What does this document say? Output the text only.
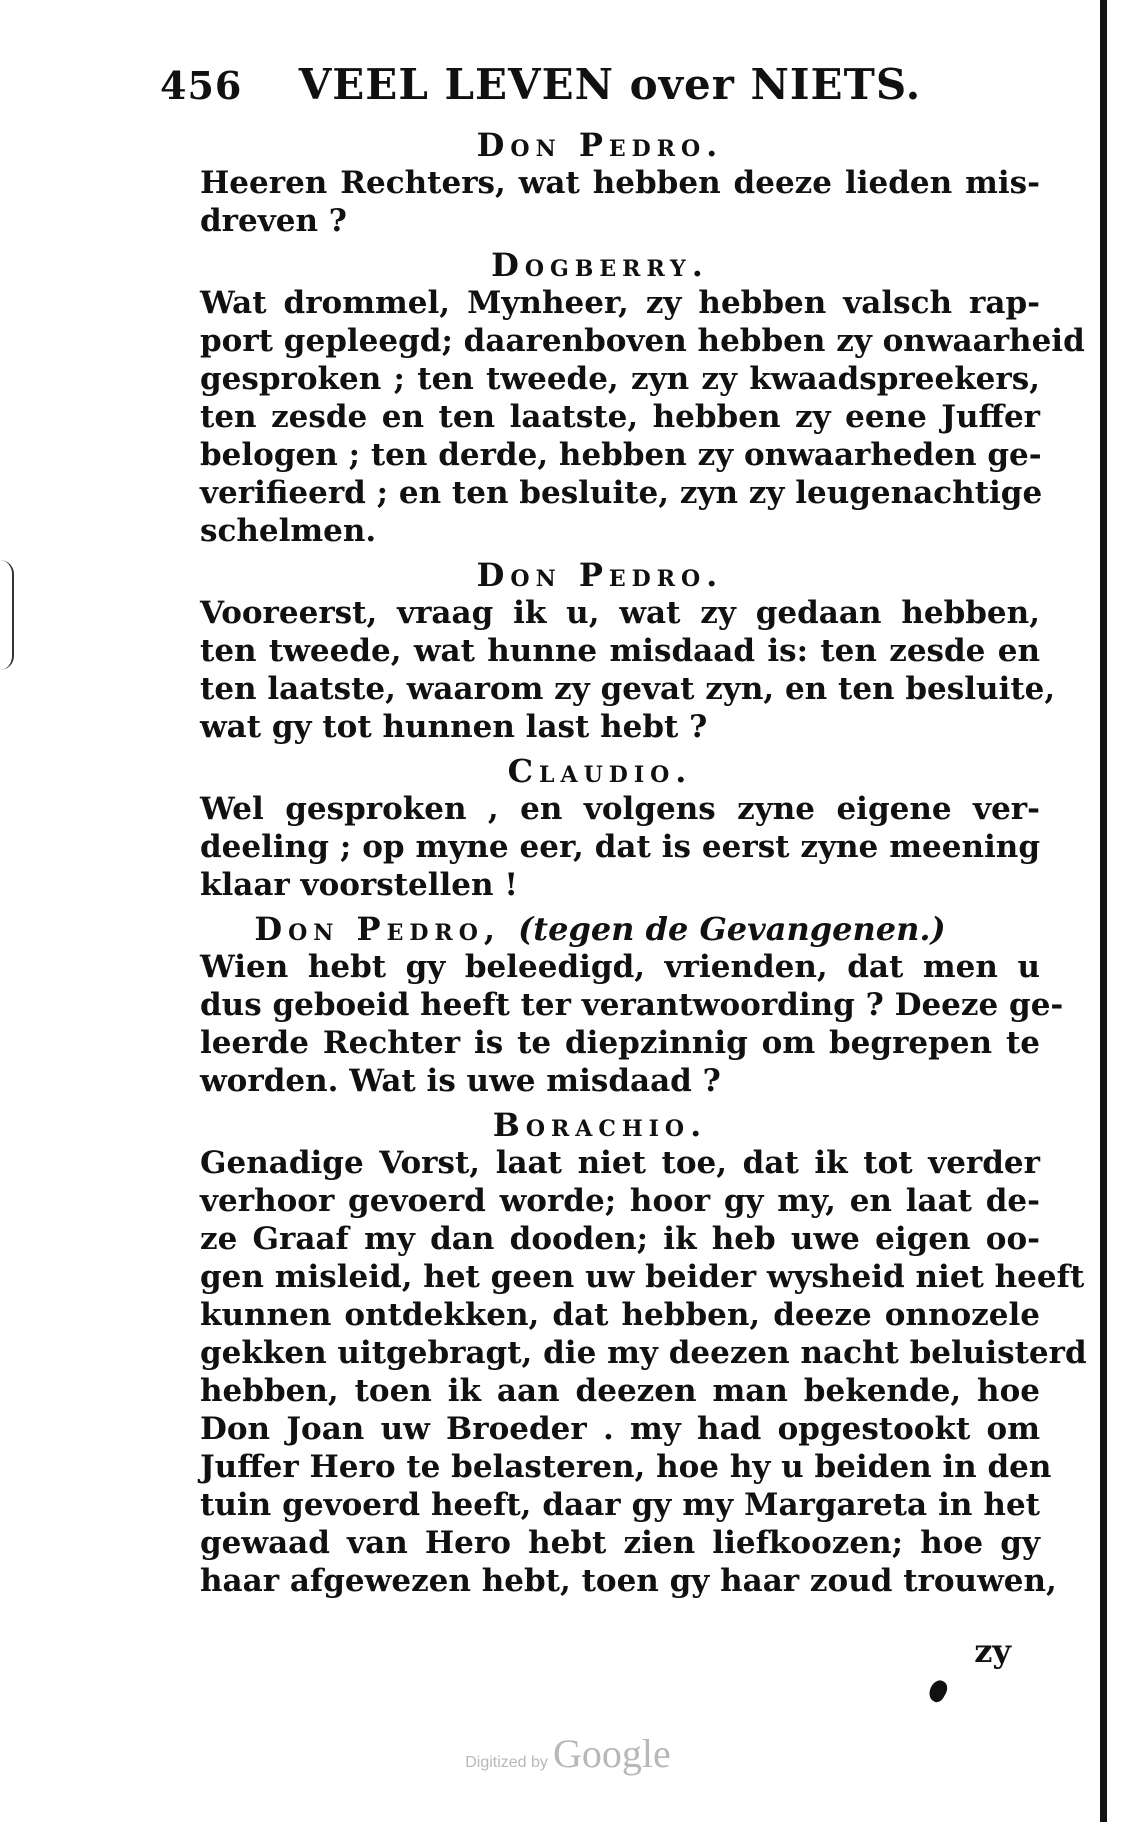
456	VEEL LEVEN over NIETS.
Don Pedro.

Heeren Rechters, wat hebben deeze lieden mis-
dreven ?

Dogberry.

Wat drommel, Mynheer, zy hebben valsch rap-
port gepleegd; daarenboven hebben zy onwaarheid
gesproken ; ten tweede, zyn zy kwaadspreekers,
ten zesde en ten laatste, hebben zy eene Juffer
belogen ; ten derde, hebben zy onwaarheden ge-
verifieerd ; en ten besluite, zyn zy leugenachtige
schelmen.

Don Pedro.

Vooreerst, vraag ik u, wat zy gedaan hebben,
ten tweede, wat hunne misdaad is: ten zesde en
ten laatste, waarom zy gevat zyn, en ten besluite,
wat gy tot hunnen last hebt ?

Claudio.

Wel gesproken , en volgens zyne eigene ver-
deeling ; op myne eer, dat is eerst zyne meening
klaar voorstellen !

Don Pedro, (tegen de Gevangenen.)

Wien hebt gy beleedigd, vrienden, dat men u
dus geboeid heeft ter verantwoording ? Deeze ge-
leerde Rechter is te diepzinnig om begrepen te
worden. Wat is uwe misdaad ?

Borachio.

Genadige Vorst, laat niet toe, dat ik tot verder
verhoor gevoerd worde; hoor gy my, en laat de-
ze Graaf my dan dooden; ik heb uwe eigen oo-
gen misleid, het geen uw beider wysheid niet heeft
kunnen ontdekken, dat hebben, deeze onnozele
gekken uitgebragt, die my deezen nacht beluisterd
hebben, toen ik aan deezen man bekende, hoe
Don Joan uw Broeder . my had opgestookt om
Juffer Hero te belasteren, hoe hy u beiden in den
tuin gevoerd heeft, daar gy my Margareta in het
gewaad van Hero hebt zien liefkoozen; hoe gy
haar afgewezen hebt, toen gy haar zoud trouwen,

zy
Digitized by Google
